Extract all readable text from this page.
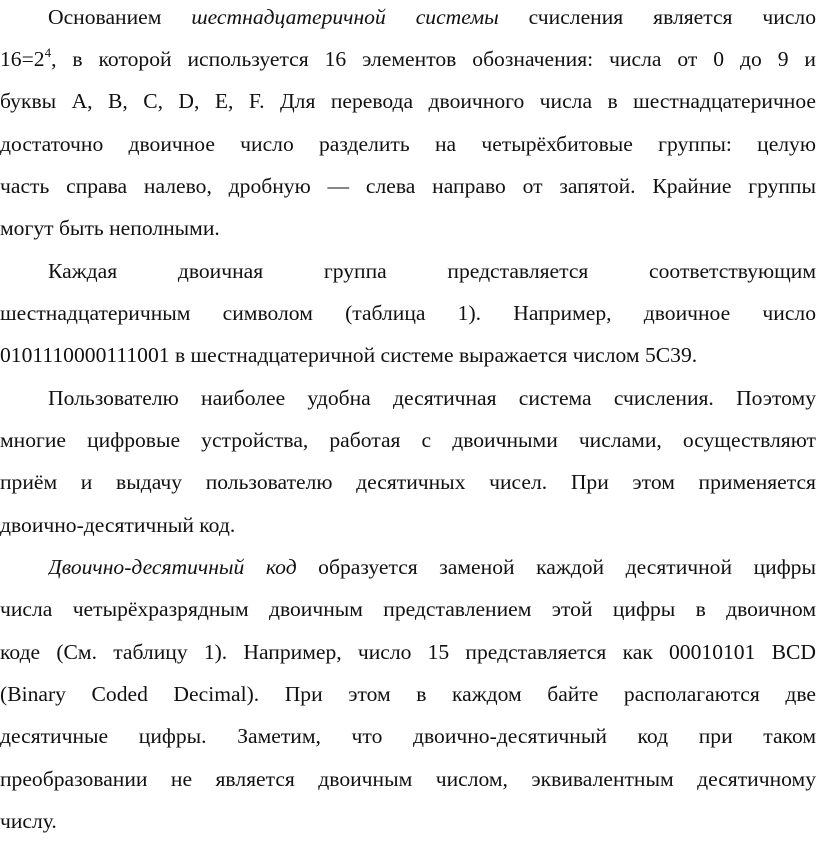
Основанием шестнадцатеричной системы счисления является число
$16=2^4$, в которой используется 16 элементов обозначения: числа от 0 до 9 и
буквы A, B, C, D, E, F. Для перевода двоичного числа в шестнадцатеричное
достаточно двоичное число разделить на четырёхбитовые группы: целую
часть справа налево, дробную — слева направо от запятой. Крайние группы
могут быть неполными.
Каждая двоичная группа представляется соответствующим
шестнадцатеричным символом (таблица 1). Например, двоичное число
0101110000111001 в шестнадцатеричной системе выражается числом 5С39.
Пользователю наиболее удобна десятичная система счисления. Поэтому
многие цифровые устройства, работая с двоичными числами, осуществляют
приём и выдачу пользователю десятичных чисел. При этом применяется
двоично-десятичный код.
Двоично-десятичный код образуется заменой каждой десятичной цифры
числа четырёхразрядным двоичным представлением этой цифры в двоичном
коде (См. таблицу 1). Например, число 15 представляется как 00010101 BCD
(Binary Coded Decimal). При этом в каждом байте располагаются две
десятичные цифры. Заметим, что двоично-десятичный код при таком
преобразовании не является двоичным числом, эквивалентным десятичному
числу.
